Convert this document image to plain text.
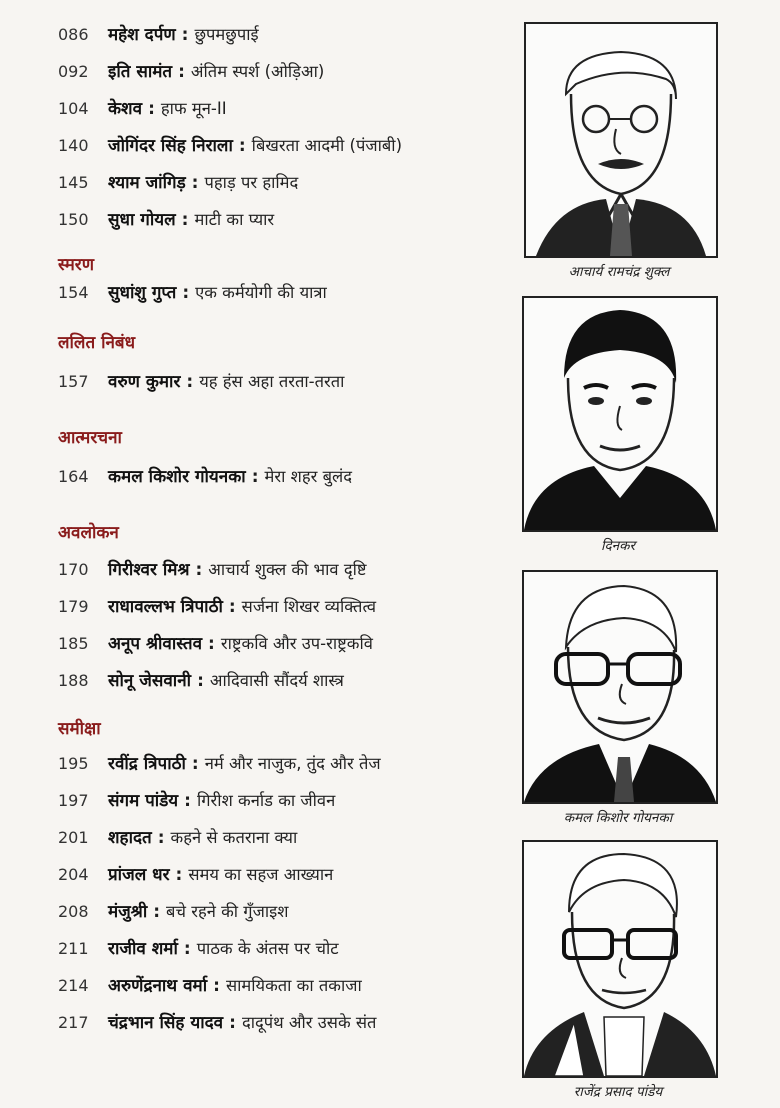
086	महेश दर्पण : छुपमछुपाई
092	इति सामंत : अंतिम स्पर्श (ओड़िआ)
104	केशव : हाफ मून-II
140	जोगिंदर सिंह निराला : बिखरता आदमी (पंजाबी)
145	श्याम जांगिड़ : पहाड़ पर हामिद
150	सुधा गोयल : माटी का प्यार
स्मरण
154	सुधांशु गुप्त : एक कर्मयोगी की यात्रा
ललित निबंध
157	वरुण कुमार : यह हंस अहा तरता-तरता
आत्मरचना
164	कमल किशोर गोयनका : मेरा शहर बुलंद
अवलोकन
170	गिरीश्वर मिश्र : आचार्य शुक्ल की भाव दृष्टि
179	राधावल्लभ त्रिपाठी : सर्जना शिखर व्यक्तित्व
185	अनूप श्रीवास्तव : राष्ट्रकवि और उप-राष्ट्रकवि
188	सोनू जेसवानी : आदिवासी सौंदर्य शास्त्र
समीक्षा
195	रवींद्र त्रिपाठी : नर्म और नाजुक, तुंद और तेज
197	संगम पांडेय : गिरीश कर्नाड का जीवन
201	शहादत : कहने से कतराना क्या
204	प्रांजल धर : समय का सहज आख्यान
208	मंजुश्री : बचे रहने की गुँजाइश
211	राजीव शर्मा : पाठक के अंतस पर चोट
214	अरुणेंद्रनाथ वर्मा : सामयिकता का तकाजा
217	चंद्रभान सिंह यादव : दादूपंथ और उसके संत
आचार्य रामचंद्र शुक्ल
दिनकर
कमल किशोर गोयनका
राजेंद्र प्रसाद पांडेय
